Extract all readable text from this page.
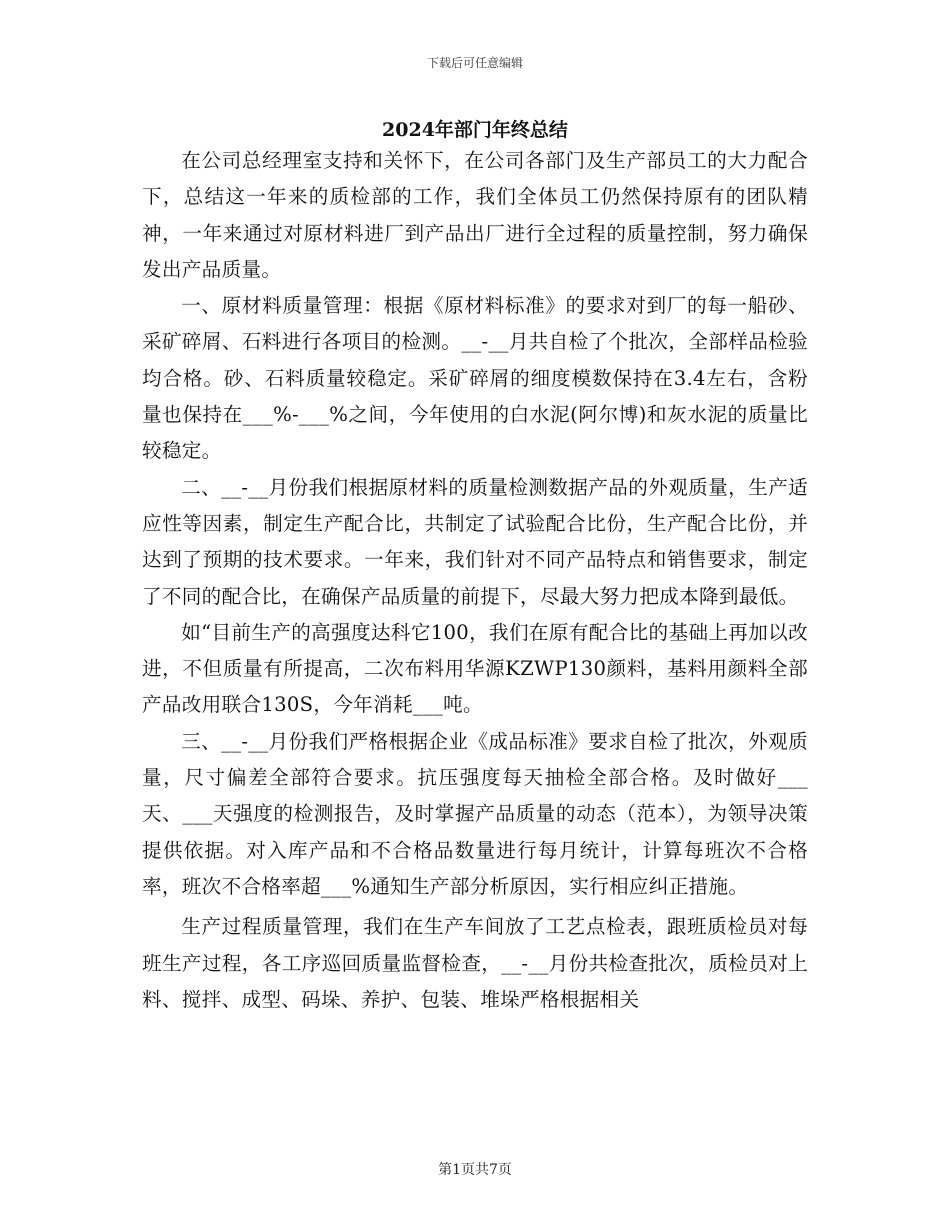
下载后可任意编辑
2024年部门年终总结

在公司总经理室支持和关怀下，在公司各部门及生产部员工的大力配合下，总结这一年来的质检部的工作，我们全体员工仍然保持原有的团队精神，一年来通过对原材料进厂到产品出厂进行全过程的质量控制，努力确保发出产品质量。

一、原材料质量管理：根据《原材料标准》的要求对到厂的每一船砂、采矿碎屑、石料进行各项目的检测。__-__月共自检了个批次，全部样品检验均合格。砂、石料质量较稳定。采矿碎屑的细度模数保持在3.4左右，含粉量也保持在___%-___%之间，今年使用的白水泥(阿尔博)和灰水泥的质量比较稳定。

二、__-__月份我们根据原材料的质量检测数据产品的外观质量，生产适应性等因素，制定生产配合比，共制定了试验配合比份，生产配合比份，并达到了预期的技术要求。一年来，我们针对不同产品特点和销售要求，制定了不同的配合比，在确保产品质量的前提下，尽最大努力把成本降到最低。

如“目前生产的高强度达科它100，我们在原有配合比的基础上再加以改进，不但质量有所提高，二次布料用华源KZWP130颜料，基料用颜料全部产品改用联合130S，今年消耗___吨。

三、__-__月份我们严格根据企业《成品标准》要求自检了批次，外观质量，尺寸偏差全部符合要求。抗压强度每天抽检全部合格。及时做好___天、___天强度的检测报告，及时掌握产品质量的动态（范本），为领导决策提供依据。对入库产品和不合格品数量进行每月统计，计算每班次不合格率，班次不合格率超___%通知生产部分析原因，实行相应纠正措施。

生产过程质量管理，我们在生产车间放了工艺点检表，跟班质检员对每班生产过程，各工序巡回质量监督检查，__-__月份共检查批次，质检员对上料、搅拌、成型、码垛、养护、包装、堆垛严格根据相关

第1页共7页
